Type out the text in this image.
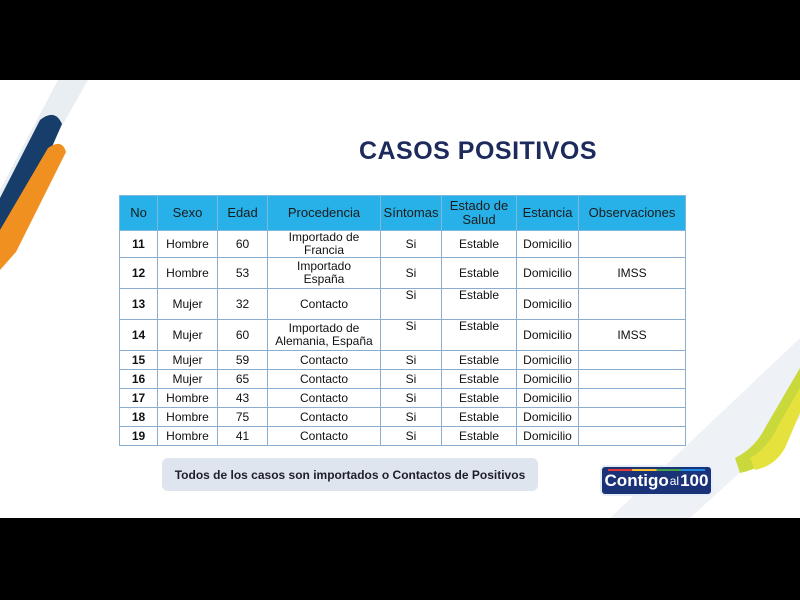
CASOS POSITIVOS
No	Sexo	Edad	Procedencia	Síntomas	Estado de Salud	Estancia	Observaciones
11	Hombre	60	Importado de Francia	Si	Estable	Domicilio	
12	Hombre	53	Importado España	Si	Estable	Domicilio	IMSS
13	Mujer	32	Contacto	Si	Estable	Domicilio	
14	Mujer	60	Importado de Alemania, España	Si	Estable	Domicilio	IMSS
15	Mujer	59	Contacto	Si	Estable	Domicilio	
16	Mujer	65	Contacto	Si	Estable	Domicilio	
17	Hombre	43	Contacto	Si	Estable	Domicilio	
18	Hombre	75	Contacto	Si	Estable	Domicilio	
19	Hombre	41	Contacto	Si	Estable	Domicilio	
Todos de los casos son importados o Contactos de Positivos	Contigo al 100
